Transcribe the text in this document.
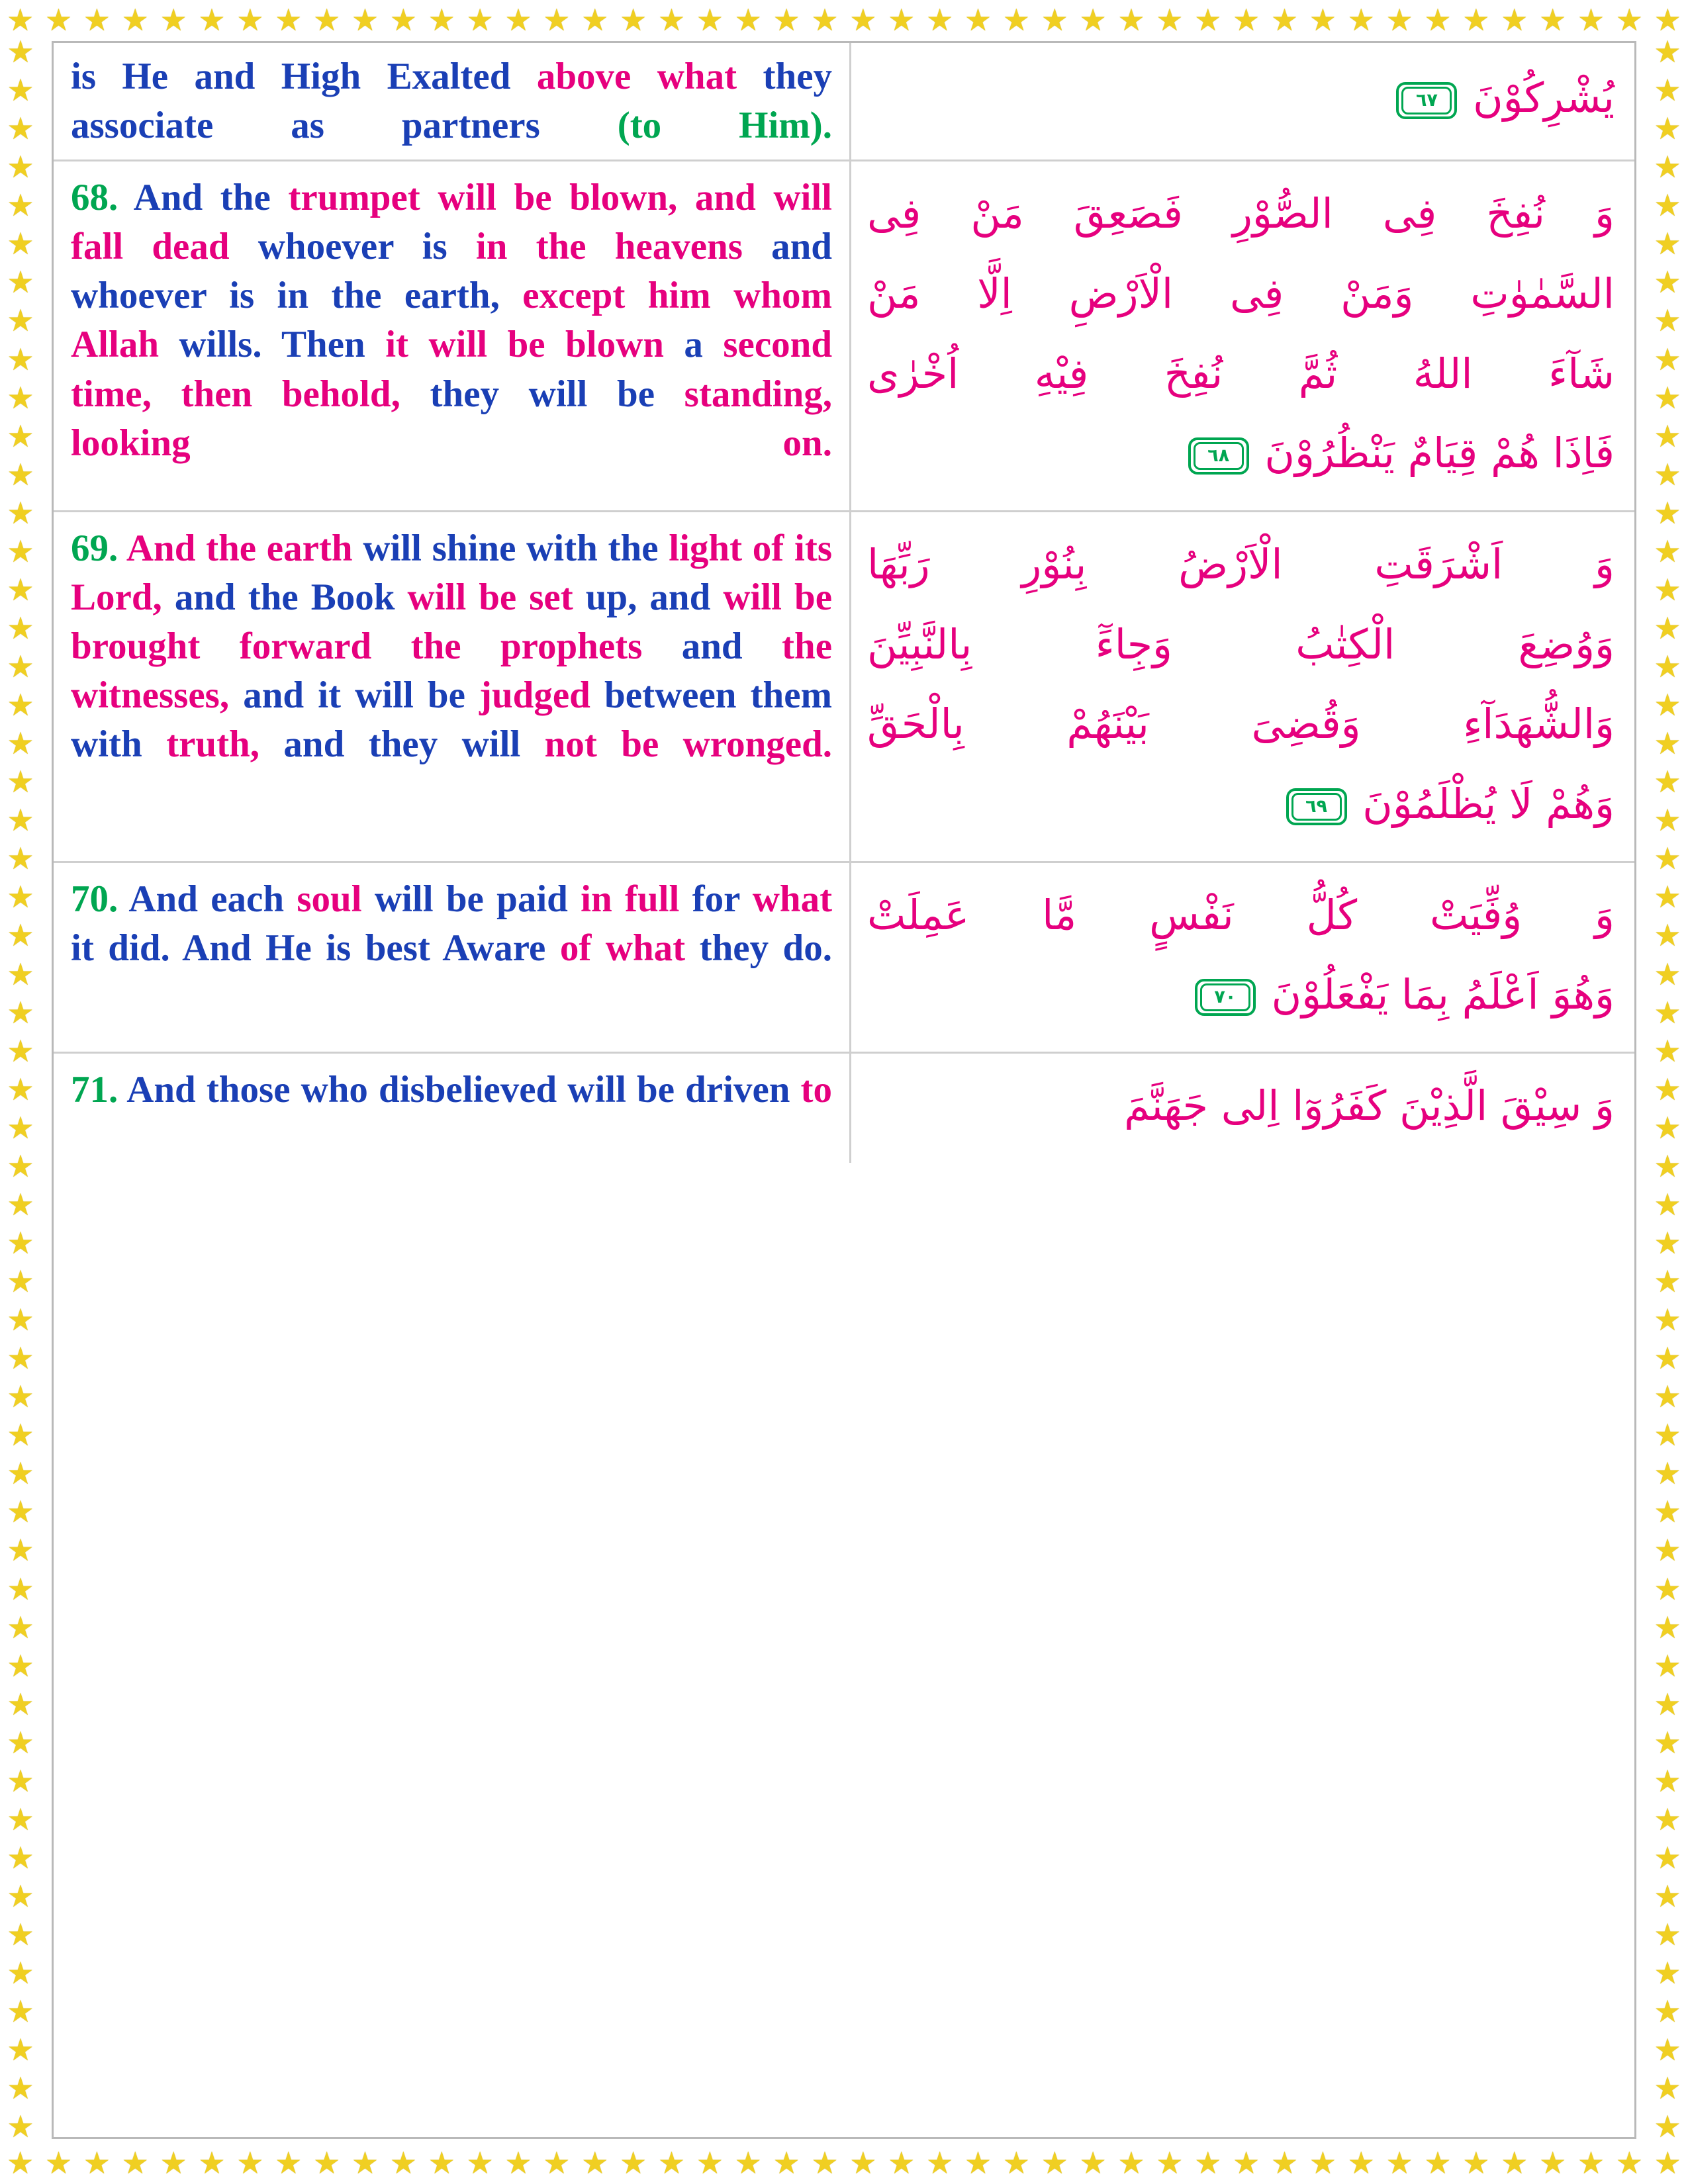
★ ★ ★ ★ ★ ★ ★ ★ ★ ★ ★ ★ ★ ★ ★ ★ ★ ★ ★ ★ ★ ★ ★ ★ ★ ★ ★ ★ ★ ★ ★ ★ ★ ★ ★ ★ ★ ★ ★ ★ ★ ★ ★ ★
★ ★ ★ ★ ★ ★ ★ ★ ★ ★ ★ ★ ★ ★ ★ ★ ★ ★ ★ ★ ★ ★ ★ ★ ★ ★ ★ ★ ★ ★ ★ ★ ★ ★ ★ ★ ★ ★ ★ ★ ★ ★ ★ ★
★
★
★
★
★
★
★
★
★
★
★
★
★
★
★
★
★
★
★
★
★
★
★
★
★
★
★
★
★
★
★
★
★
★
★
★
★
★
★
★
★
★
★
★
★
★
★
★
★
★
★
★
★
★
★
★
★
★
★
★
★
★
★
★
★
★
★
★
★
★
★
★
★
★
★
★
★
★
★
★
★
★
★
★
★
★
★
★
★
★
★
★
★
★
★
★
★
★
★
★
★
★
★
★
★
★
★
★
★
★
is He and High Exalted above what they associate as partners (to Him).
يُشْرِكُوْنَ
٦٧
68. And the trumpet will be blown, and will fall dead whoever is in the heavens and whoever is in the earth, except him whom Allah wills. Then it will be blown a second time, then behold, they will be standing, looking on.
وَ نُفِخَ فِى الصُّوْرِ فَصَعِقَ مَنْ فِى
السَّمٰوٰتِ وَمَنْ فِى الْاَرْضِ اِلَّا مَنْ
شَآءَ اللهُ ثُمَّ نُفِخَ فِيْهِ اُخْرٰى
فَاِذَا هُمْ قِيَامٌ يَنْظُرُوْنَ
٦٨
69. And the earth will shine with the light of its Lord, and the Book will be set up, and will be brought forward the prophets and the witnesses, and it will be judged between them with truth, and they will not be wronged.
وَ اَشْرَقَتِ الْاَرْضُ بِنُوْرِ رَبِّهَا
وَوُضِعَ الْكِتٰبُ وَجِاءَٓ بِالنَّبِيِّنَ
وَالشُّهَدَآءِ وَقُضِىَ بَيْنَهُمْ بِالْحَقِّ
وَهُمْ لَا يُظْلَمُوْنَ
٦٩
70. And each soul will be paid in full for what it did. And He is best Aware of what they do.
وَ وُفِّيَتْ كُلُّ نَفْسٍ مَّا عَمِلَتْ
وَهُوَ اَعْلَمُ بِمَا يَفْعَلُوْنَ
٧٠
71. And those who disbelieved will be driven to	وَ سِيْقَ الَّذِيْنَ كَفَرُوٓا اِلى جَهَنَّمَ
